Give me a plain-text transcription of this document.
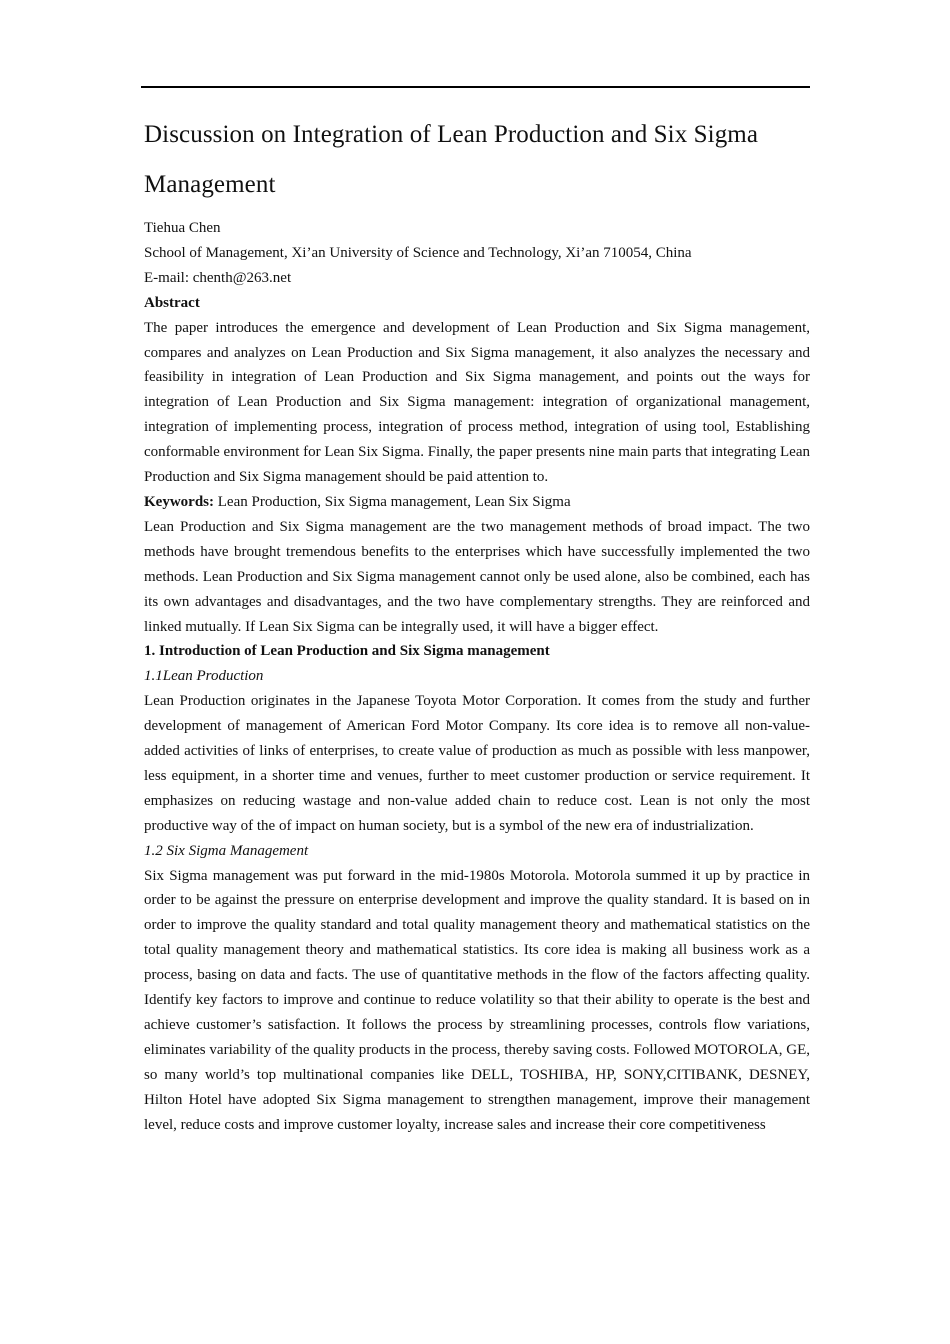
Discussion on Integration of Lean Production and Six Sigma Management
Tiehua Chen
School of Management, Xi’an University of Science and Technology, Xi’an 710054, China
E-mail: chenth@263.net
Abstract

The paper introduces the emergence and development of Lean Production and Six Sigma management, compares and analyzes on Lean Production and Six Sigma management, it also analyzes the necessary and feasibility in integration of Lean Production and Six Sigma management, and points out the ways for integration of Lean Production and Six Sigma management: integration of organizational management, integration of implementing process, integration of process method, integration of using tool, Establishing conformable environment for Lean Six Sigma. Finally, the paper presents nine main parts that integrating Lean Production and Six Sigma management should be paid attention to.

Keywords: Lean Production, Six Sigma management, Lean Six Sigma

Lean Production and Six Sigma management are the two management methods of broad impact. The two methods have brought tremendous benefits to the enterprises which have successfully implemented the two methods. Lean Production and Six Sigma management cannot only be used alone, also be combined, each has its own advantages and disadvantages, and the two have complementary strengths. They are reinforced and linked mutually. If Lean Six Sigma can be integrally used, it will have a bigger effect.

1. Introduction of Lean Production and Six Sigma management
1.1Lean Production

Lean Production originates in the Japanese Toyota Motor Corporation. It comes from the study and further development of management of American Ford Motor Company. Its core idea is to remove all non-value-added activities of links of enterprises, to create value of production as much as possible with less manpower, less equipment, in a shorter time and venues, further to meet customer production or service requirement. It emphasizes on reducing wastage and non-value added chain to reduce cost. Lean is not only the most productive way of the of impact on human society, but is a symbol of the new era of industrialization.

1.2 Six Sigma Management

Six Sigma management was put forward in the mid-1980s Motorola. Motorola summed it up by practice in order to be against the pressure on enterprise development and improve the quality standard. It is based on in order to improve the quality standard and total quality management theory and mathematical statistics on the total quality management theory and mathematical statistics. Its core idea is making all business work as a process, basing on data and facts. The use of quantitative methods in the flow of the factors affecting quality. Identify key factors to improve and continue to reduce volatility so that their ability to operate is the best and achieve customer’s satisfaction. It follows the process by streamlining processes, controls flow variations, eliminates variability of the quality products in the process, thereby saving costs. Followed MOTOROLA, GE, so many world’s top multinational companies like DELL, TOSHIBA, HP, SONY,CITIBANK, DESNEY, Hilton Hotel have adopted Six Sigma management to strengthen management, improve their management level, reduce costs and improve customer loyalty, increase sales and increase their core competitiveness
